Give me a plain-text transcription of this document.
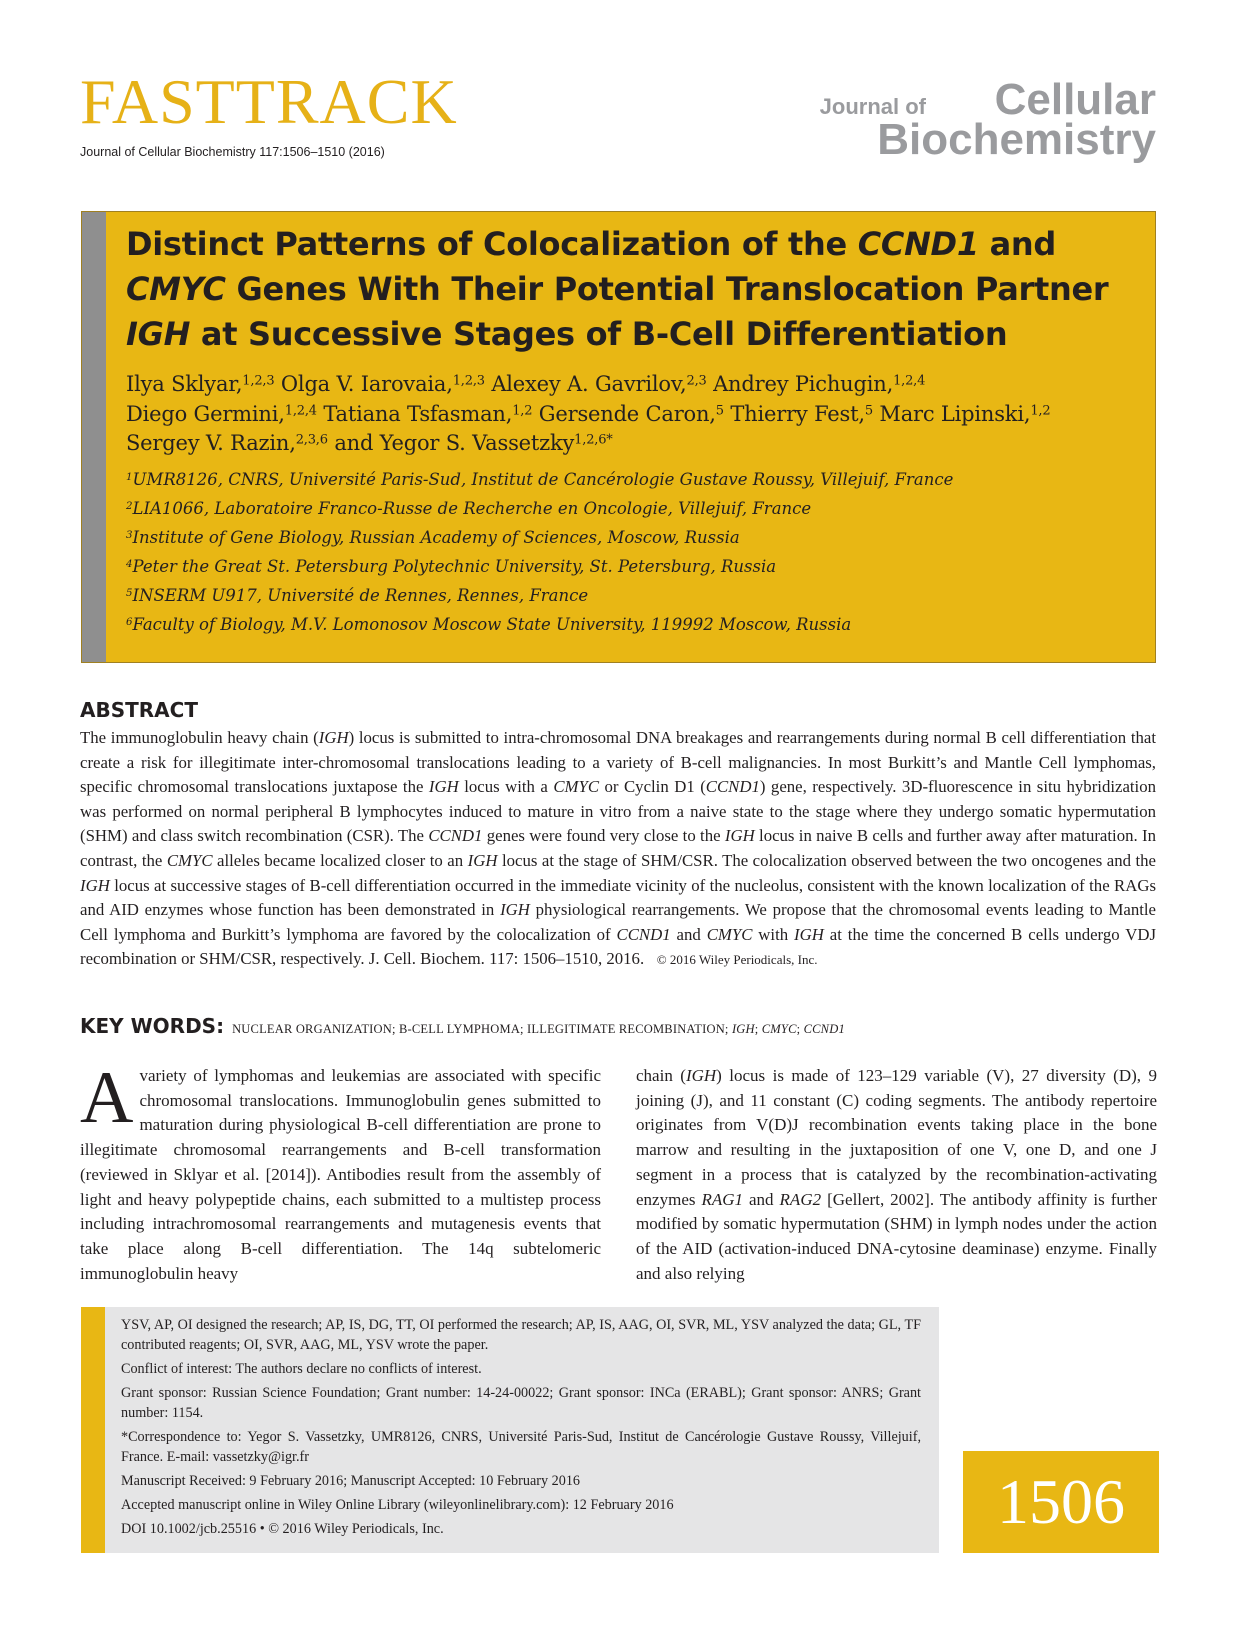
FASTTRACK
Journal of Cellular Biochemistry 117:1506–1510 (2016)
Journal of Cellular
Biochemistry
Distinct Patterns of Colocalization of the CCND1 and CMYC Genes With Their Potential Translocation Partner IGH at Successive Stages of B-Cell Differentiation
Ilya Sklyar,$^{1,2,3}$ Olga V. Iarovaia,$^{1,2,3}$ Alexey A. Gavrilov,$^{2,3}$ Andrey Pichugin,$^{1,2,4}$
Diego Germini,$^{1,2,4}$ Tatiana Tsfasman,$^{1,2}$ Gersende Caron,$^5$ Thierry Fest,$^5$ Marc Lipinski,$^{1,2}$
Sergey V. Razin,$^{2,3,6}$ and Yegor S. Vassetzky$^{1,2,6*}$
$^1$UMR8126, CNRS, Université Paris-Sud, Institut de Cancérologie Gustave Roussy, Villejuif, France
$^2$LIA1066, Laboratoire Franco-Russe de Recherche en Oncologie, Villejuif, France
$^3$Institute of Gene Biology, Russian Academy of Sciences, Moscow, Russia
$^4$Peter the Great St. Petersburg Polytechnic University, St. Petersburg, Russia
$^5$INSERM U917, Université de Rennes, Rennes, France
$^6$Faculty of Biology, M.V. Lomonosov Moscow State University, 119992 Moscow, Russia
ABSTRACT
The immunoglobulin heavy chain (IGH) locus is submitted to intra-chromosomal DNA breakages and rearrangements during normal B cell differentiation that create a risk for illegitimate inter-chromosomal translocations leading to a variety of B-cell malignancies. In most Burkitt’s and Mantle Cell lymphomas, specific chromosomal translocations juxtapose the IGH locus with a CMYC or Cyclin D1 (CCND1) gene, respectively. 3D-fluorescence in situ hybridization was performed on normal peripheral B lymphocytes induced to mature in vitro from a naive state to the stage where they undergo somatic hypermutation (SHM) and class switch recombination (CSR). The CCND1 genes were found very close to the IGH locus in naive B cells and further away after maturation. In contrast, the CMYC alleles became localized closer to an IGH locus at the stage of SHM/CSR. The colocalization observed between the two oncogenes and the IGH locus at successive stages of B-cell differentiation occurred in the immediate vicinity of the nucleolus, consistent with the known localization of the RAGs and AID enzymes whose function has been demonstrated in IGH physiological rearrangements. We propose that the chromosomal events leading to Mantle Cell lymphoma and Burkitt’s lymphoma are favored by the colocalization of CCND1 and CMYC with IGH at the time the concerned B cells undergo VDJ recombination or SHM/CSR, respectively. J. Cell. Biochem. 117: 1506–1510, 2016. © 2016 Wiley Periodicals, Inc.
KEY WORDS: NUCLEAR ORGANIZATION; B-CELL LYMPHOMA; ILLEGITIMATE RECOMBINATION; IGH; CMYC; CCND1
A variety of lymphomas and leukemias are associated with specific chromosomal translocations. Immunoglobulin genes submitted to maturation during physiological B-cell differentiation are prone to illegitimate chromosomal rearrangements and B-cell transformation (reviewed in Sklyar et al. [2014]). Antibodies result from the assembly of light and heavy polypeptide chains, each submitted to a multistep process including intrachromosomal rearrangements and mutagenesis events that take place along B-cell differentiation. The 14q subtelomeric immunoglobulin heavy
chain (IGH) locus is made of 123–129 variable (V), 27 diversity (D), 9 joining (J), and 11 constant (C) coding segments. The antibody repertoire originates from V(D)J recombination events taking place in the bone marrow and resulting in the juxtaposition of one V, one D, and one J segment in a process that is catalyzed by the recombination-activating enzymes RAG1 and RAG2 [Gellert, 2002]. The antibody affinity is further modified by somatic hypermutation (SHM) in lymph nodes under the action of the AID (activation-induced DNA-cytosine deaminase) enzyme. Finally and also relying
YSV, AP, OI designed the research; AP, IS, DG, TT, OI performed the research; AP, IS, AAG, OI, SVR, ML, YSV analyzed the data; GL, TF contributed reagents; OI, SVR, AAG, ML, YSV wrote the paper.
Conflict of interest: The authors declare no conflicts of interest.
Grant sponsor: Russian Science Foundation; Grant number: 14-24-00022; Grant sponsor: INCa (ERABL); Grant sponsor: ANRS; Grant number: 1154.
*Correspondence to: Yegor S. Vassetzky, UMR8126, CNRS, Université Paris-Sud, Institut de Cancérologie Gustave Roussy, Villejuif, France. E-mail: vassetzky@igr.fr
Manuscript Received: 9 February 2016; Manuscript Accepted: 10 February 2016
Accepted manuscript online in Wiley Online Library (wileyonlinelibrary.com): 12 February 2016
DOI 10.1002/jcb.25516 • © 2016 Wiley Periodicals, Inc.	1506
